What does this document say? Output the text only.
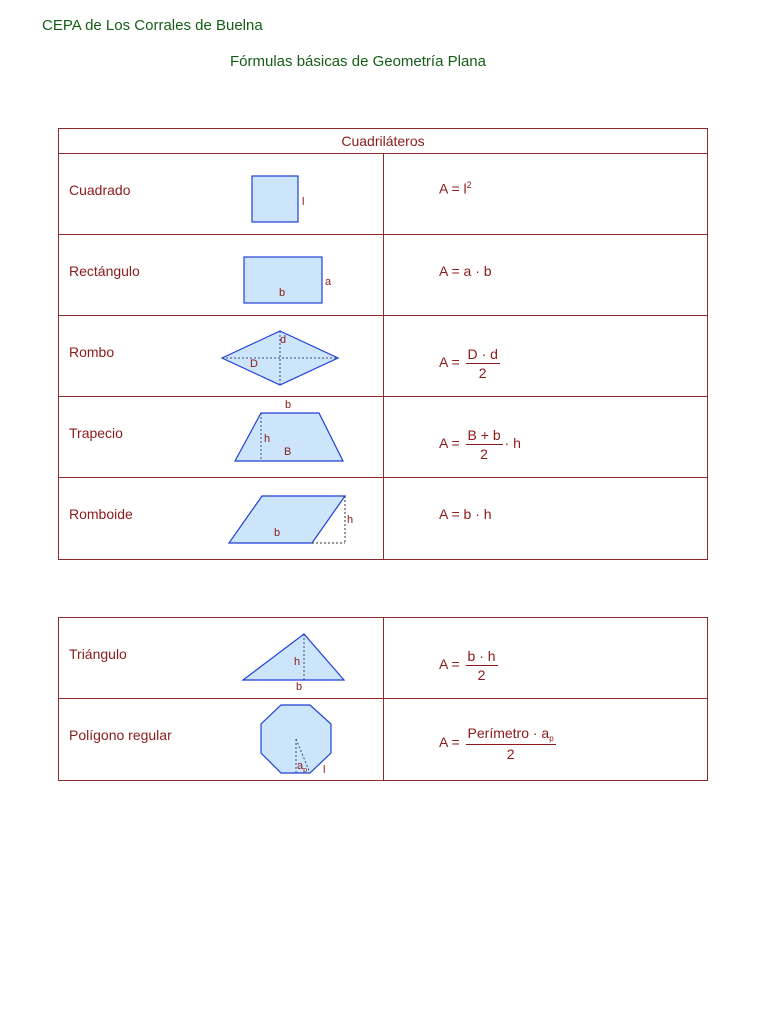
CEPA de Los Corrales de Buelna
Fórmulas básicas de Geometría Plana
Cuadriláteros
Cuadrado
l
$A = l^2$
Rectángulo
b
a
A = a · b
Rombo
D
d
$A = \frac{D \cdot d}{2}$
Trapecio
b
h
B
$A = \frac{B + b}{2} \cdot h$
Romboide
b
h	A = b · h
Triángulo	h
b
$A = \frac{b \cdot h}{2}$
Polígono regular
$a_p$ l
$A = \frac{Perímetro \cdot a_p}{2}$
